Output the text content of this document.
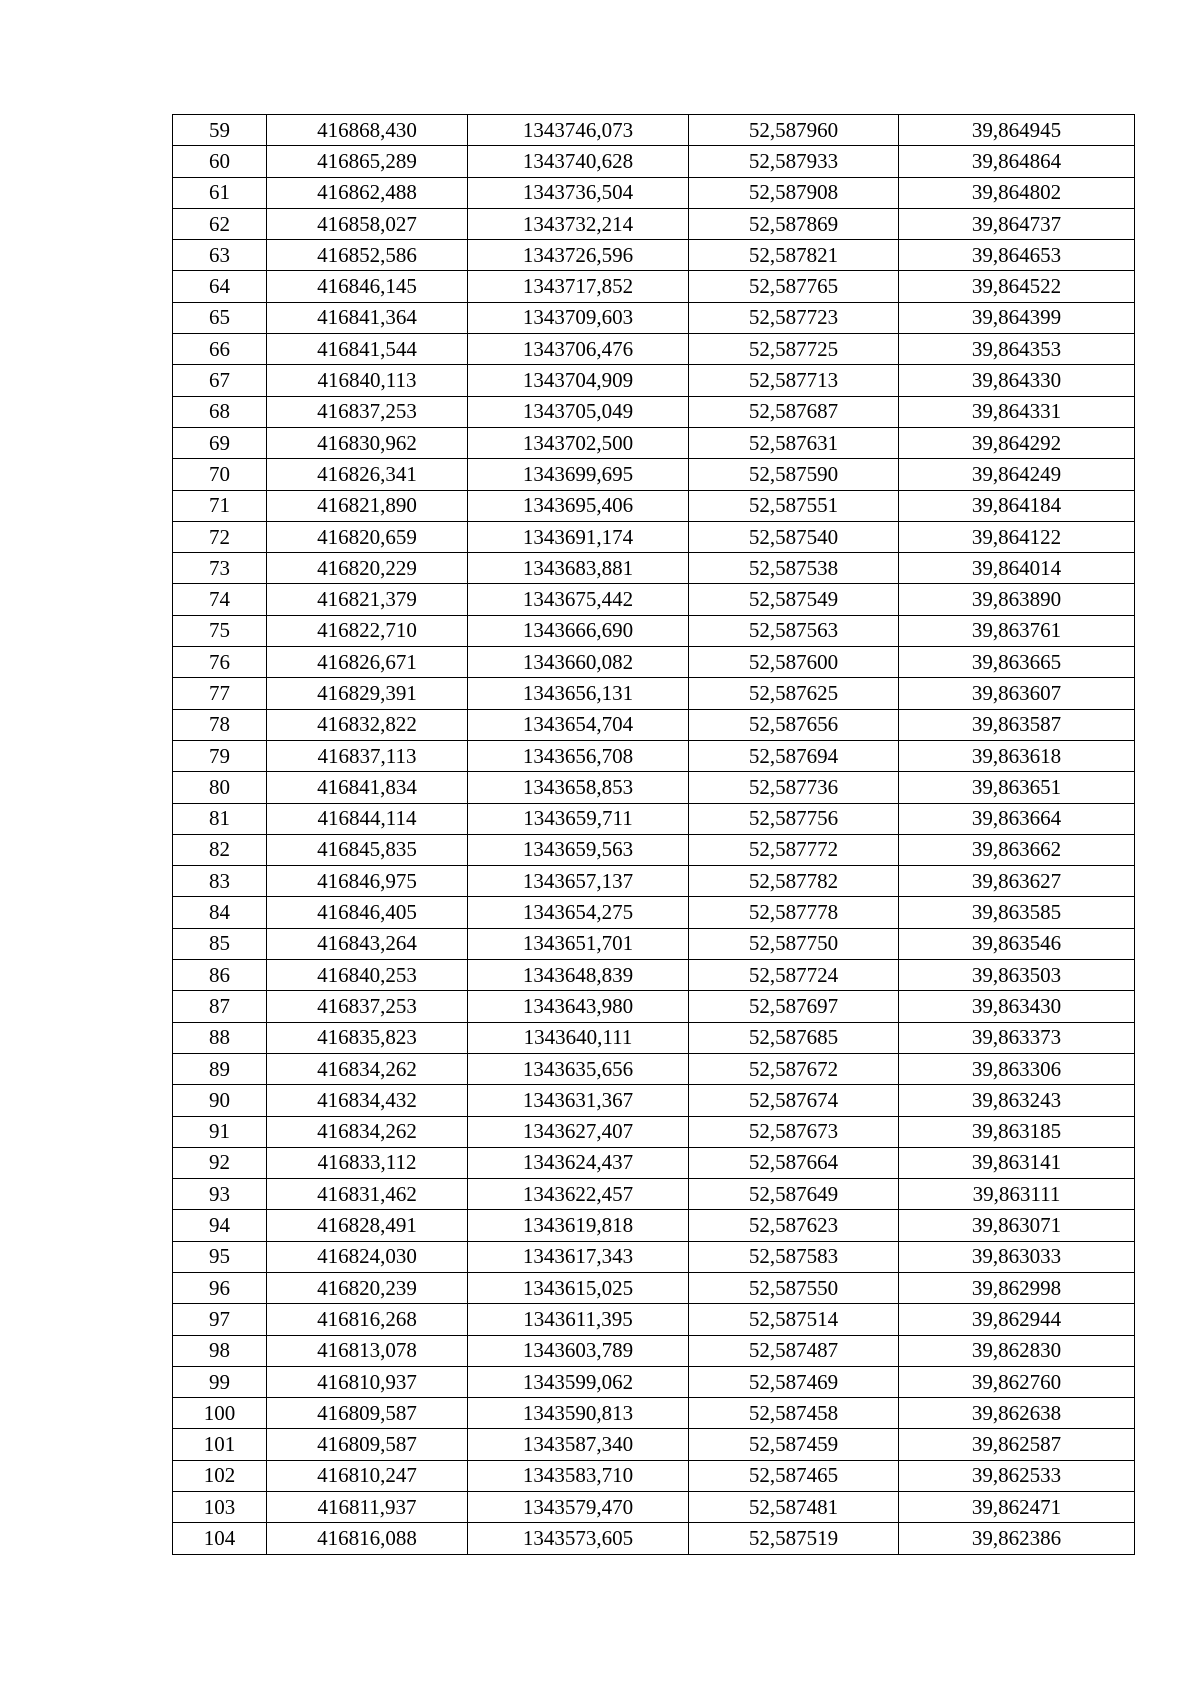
59	416868,430	1343746,073	52,587960	39,864945
60	416865,289	1343740,628	52,587933	39,864864
61	416862,488	1343736,504	52,587908	39,864802
62	416858,027	1343732,214	52,587869	39,864737
63	416852,586	1343726,596	52,587821	39,864653
64	416846,145	1343717,852	52,587765	39,864522
65	416841,364	1343709,603	52,587723	39,864399
66	416841,544	1343706,476	52,587725	39,864353
67	416840,113	1343704,909	52,587713	39,864330
68	416837,253	1343705,049	52,587687	39,864331
69	416830,962	1343702,500	52,587631	39,864292
70	416826,341	1343699,695	52,587590	39,864249
71	416821,890	1343695,406	52,587551	39,864184
72	416820,659	1343691,174	52,587540	39,864122
73	416820,229	1343683,881	52,587538	39,864014
74	416821,379	1343675,442	52,587549	39,863890
75	416822,710	1343666,690	52,587563	39,863761
76	416826,671	1343660,082	52,587600	39,863665
77	416829,391	1343656,131	52,587625	39,863607
78	416832,822	1343654,704	52,587656	39,863587
79	416837,113	1343656,708	52,587694	39,863618
80	416841,834	1343658,853	52,587736	39,863651
81	416844,114	1343659,711	52,587756	39,863664
82	416845,835	1343659,563	52,587772	39,863662
83	416846,975	1343657,137	52,587782	39,863627
84	416846,405	1343654,275	52,587778	39,863585
85	416843,264	1343651,701	52,587750	39,863546
86	416840,253	1343648,839	52,587724	39,863503
87	416837,253	1343643,980	52,587697	39,863430
88	416835,823	1343640,111	52,587685	39,863373
89	416834,262	1343635,656	52,587672	39,863306
90	416834,432	1343631,367	52,587674	39,863243
91	416834,262	1343627,407	52,587673	39,863185
92	416833,112	1343624,437	52,587664	39,863141
93	416831,462	1343622,457	52,587649	39,863111
94	416828,491	1343619,818	52,587623	39,863071
95	416824,030	1343617,343	52,587583	39,863033
96	416820,239	1343615,025	52,587550	39,862998
97	416816,268	1343611,395	52,587514	39,862944
98	416813,078	1343603,789	52,587487	39,862830
99	416810,937	1343599,062	52,587469	39,862760
100	416809,587	1343590,813	52,587458	39,862638
101	416809,587	1343587,340	52,587459	39,862587
102	416810,247	1343583,710	52,587465	39,862533
103	416811,937	1343579,470	52,587481	39,862471
104	416816,088	1343573,605	52,587519	39,862386
